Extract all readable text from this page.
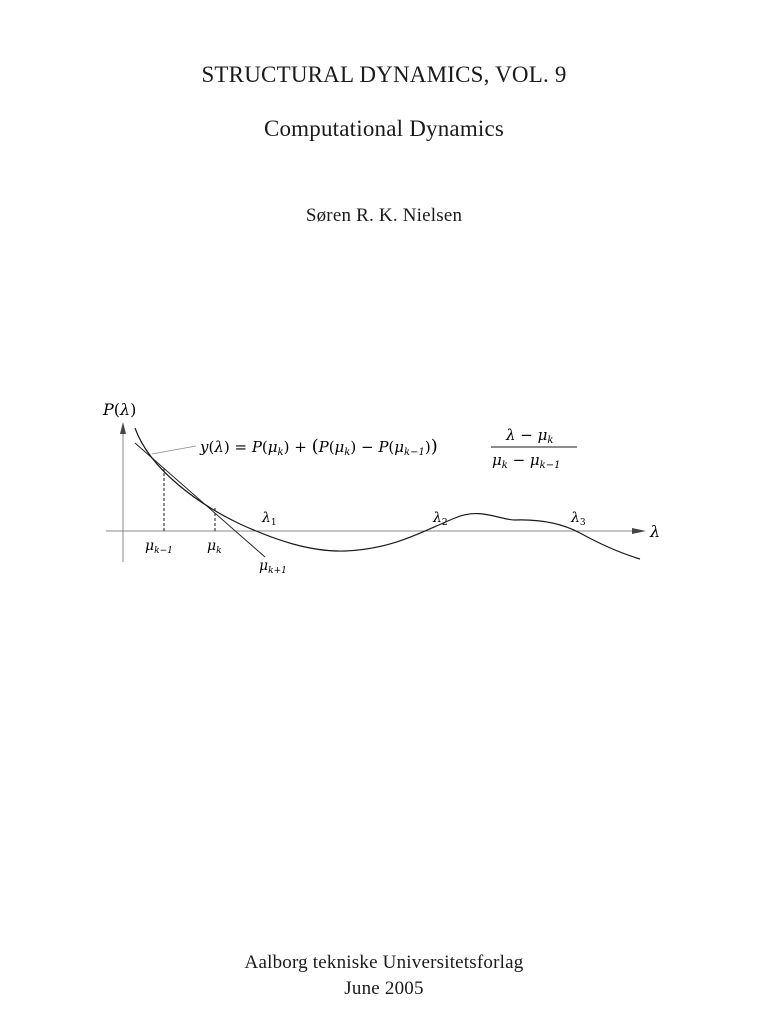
STRUCTURAL DYNAMICS, VOL. 9
Computational Dynamics
Søren R. K. Nielsen
P(λ)
λ
$y(\lambda) = P(\mu_k) + (P(\mu_k) - P(\mu_{k-1}))$
$\lambda - \mu_k$
$\mu_k - \mu_{k-1}$
$\mu_{k-1}$ $\mu_k$
$\mu_{k+1}$
$\lambda_1$	$\lambda_2$	$\lambda_3$
Aalborg tekniske Universitetsforlag
June 2005
